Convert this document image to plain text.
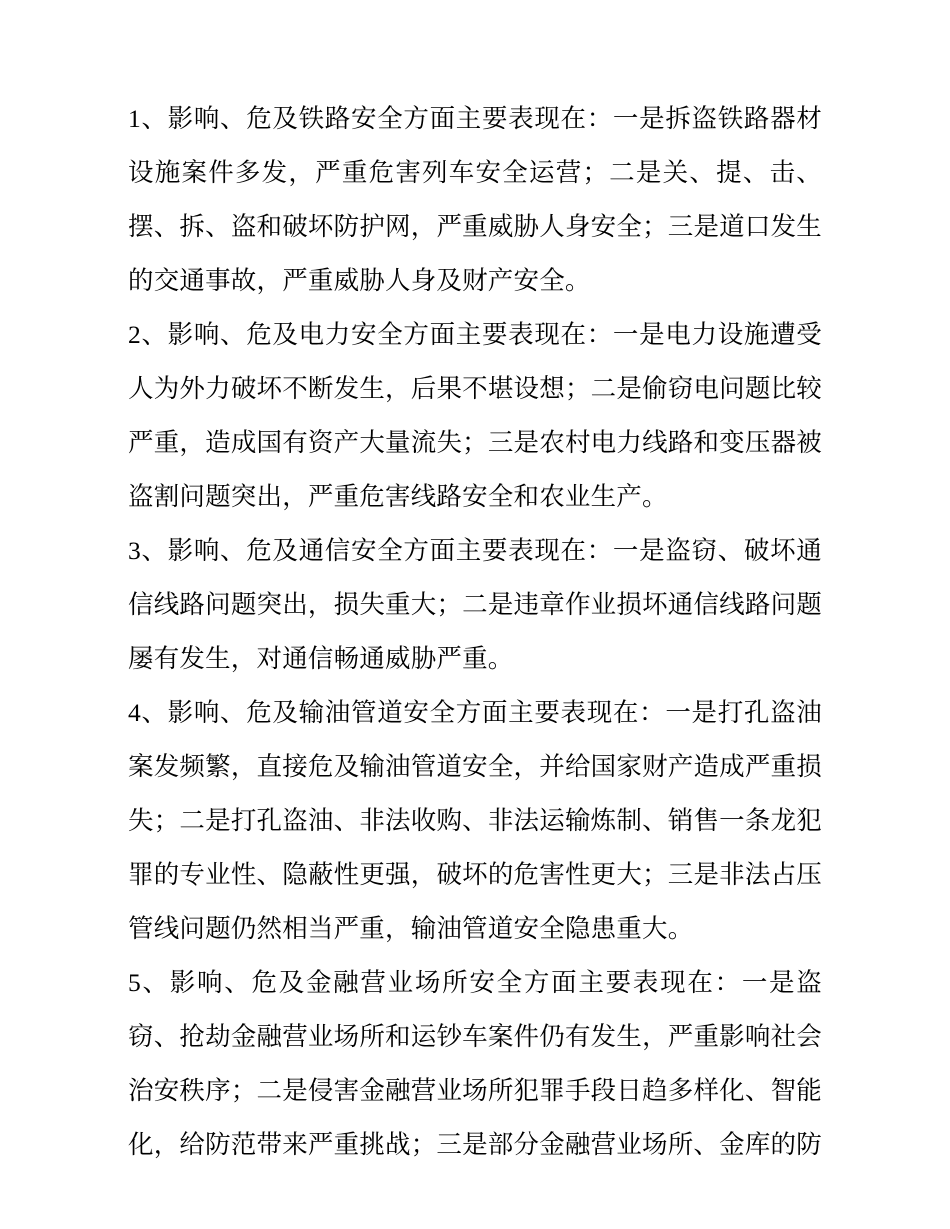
1、影响、危及铁路安全方面主要表现在：一是拆盗铁路器材设施案件多发，严重危害列车安全运营；二是关、提、击、摆、拆、盗和破坏防护网，严重威胁人身安全；三是道口发生的交通事故，严重威胁人身及财产安全。

2、影响、危及电力安全方面主要表现在：一是电力设施遭受人为外力破坏不断发生，后果不堪设想；二是偷窃电问题比较严重，造成国有资产大量流失；三是农村电力线路和变压器被盗割问题突出，严重危害线路安全和农业生产。

3、影响、危及通信安全方面主要表现在：一是盗窃、破坏通信线路问题突出，损失重大；二是违章作业损坏通信线路问题屡有发生，对通信畅通威胁严重。

4、影响、危及输油管道安全方面主要表现在：一是打孔盗油案发频繁，直接危及输油管道安全，并给国家财产造成严重损失；二是打孔盗油、非法收购、非法运输炼制、销售一条龙犯罪的专业性、隐蔽性更强，破坏的危害性更大；三是非法占压管线问题仍然相当严重，输油管道安全隐患重大。

5、影响、危及金融营业场所安全方面主要表现在：一是盗窃、抢劫金融营业场所和运钞车案件仍有发生，严重影响社会治安秩序；二是侵害金融营业场所犯罪手段日趋多样化、智能化，给防范带来严重挑战；三是部分金融营业场所、金库的防
